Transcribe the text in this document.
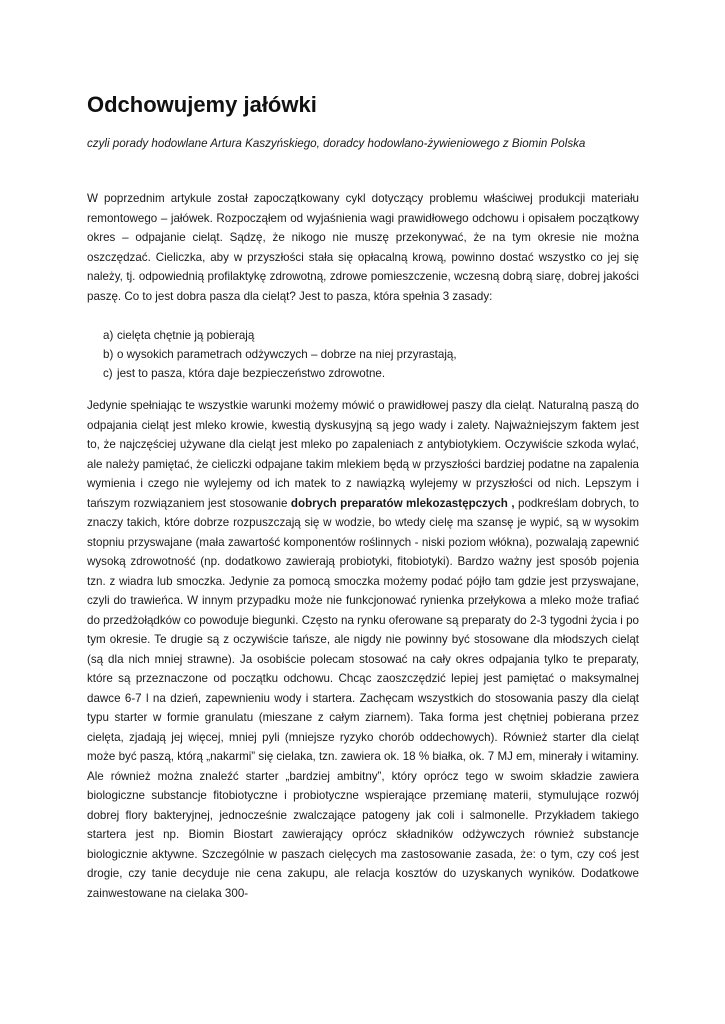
Odchowujemy jałówki

czyli porady hodowlane Artura Kaszyńskiego, doradcy hodowlano-żywieniowego z Biomin Polska

W poprzednim artykule został zapoczątkowany cykl dotyczący problemu właściwej produkcji materiału remontowego – jałówek. Rozpocząłem od wyjaśnienia wagi prawidłowego odchowu i opisałem początkowy okres – odpajanie cieląt. Sądzę, że nikogo nie muszę przekonywać, że na tym okresie nie można oszczędzać. Cieliczka, aby w przyszłości stała się opłacalną krową, powinno dostać wszystko co jej się należy, tj. odpowiednią profilaktykę zdrowotną, zdrowe pomieszczenie, wczesną dobrą siarę, dobrej jakości paszę. Co to jest dobra pasza dla cieląt? Jest to pasza, która spełnia 3 zasady:

a) cielęta chętnie ją pobierają
b) o wysokich parametrach odżywczych – dobrze na niej przyrastają,
c) jest to pasza, która daje bezpieczeństwo zdrowotne.

Jedynie spełniając te wszystkie warunki możemy mówić o prawidłowej paszy dla cieląt. Naturalną paszą do odpajania cieląt jest mleko krowie, kwestią dyskusyjną są jego wady i zalety. Najważniejszym faktem jest to, że najczęściej używane dla cieląt jest mleko po zapaleniach z antybiotykiem. Oczywiście szkoda wylać, ale należy pamiętać, że cieliczki odpajane takim mlekiem będą w przyszłości bardziej podatne na zapalenia wymienia i czego nie wylejemy od ich matek to z nawiązką wylejemy w przyszłości od nich. Lepszym i tańszym rozwiązaniem jest stosowanie dobrych preparatów mlekozastępczych , podkreślam dobrych, to znaczy takich, które dobrze rozpuszczają się w wodzie, bo wtedy cielę ma szansę je wypić, są w wysokim stopniu przyswajane (mała zawartość komponentów roślinnych - niski poziom włókna), pozwalają zapewnić wysoką zdrowotność (np. dodatkowo zawierają probiotyki, fitobiotyki). Bardzo ważny jest sposób pojenia tzn. z wiadra lub smoczka. Jedynie za pomocą smoczka możemy podać pójło tam gdzie jest przyswajane, czyli do trawieńca. W innym przypadku może nie funkcjonować rynienka przełykowa a mleko może trafiać do przedżołądków co powoduje biegunki. Często na rynku oferowane są preparaty do 2-3 tygodni życia i po tym okresie. Te drugie są z oczywiście tańsze, ale nigdy nie powinny być stosowane dla młodszych cieląt (są dla nich mniej strawne). Ja osobiście polecam stosować na cały okres odpajania tylko te preparaty, które są przeznaczone od początku odchowu. Chcąc zaoszczędzić lepiej jest pamiętać o maksymalnej dawce 6-7 l na dzień, zapewnieniu wody i startera. Zachęcam wszystkich do stosowania paszy dla cieląt typu starter w formie granulatu (mieszane z całym ziarnem). Taka forma jest chętniej pobierana przez cielęta, zjadają jej więcej, mniej pyli (mniejsze ryzyko chorób oddechowych). Również starter dla cieląt może być paszą, którą „nakarmi” się cielaka, tzn. zawiera ok. 18 % białka, ok. 7 MJ em, minerały i witaminy. Ale również można znaleźć starter „bardziej ambitny”, który oprócz tego w swoim składzie zawiera biologiczne substancje fitobiotyczne i probiotyczne wspierające przemianę materii, stymulujące rozwój dobrej flory bakteryjnej, jednocześnie zwalczające patogeny jak coli i salmonelle. Przykładem takiego startera jest np. Biomin Biostart zawierający oprócz składników odżywczych również substancje biologicznie aktywne. Szczególnie w paszach cielęcych ma zastosowanie zasada, że: o tym, czy coś jest drogie, czy tanie decyduje nie cena zakupu, ale relacja kosztów do uzyskanych wyników. Dodatkowe zainwestowane na cielaka 300-
